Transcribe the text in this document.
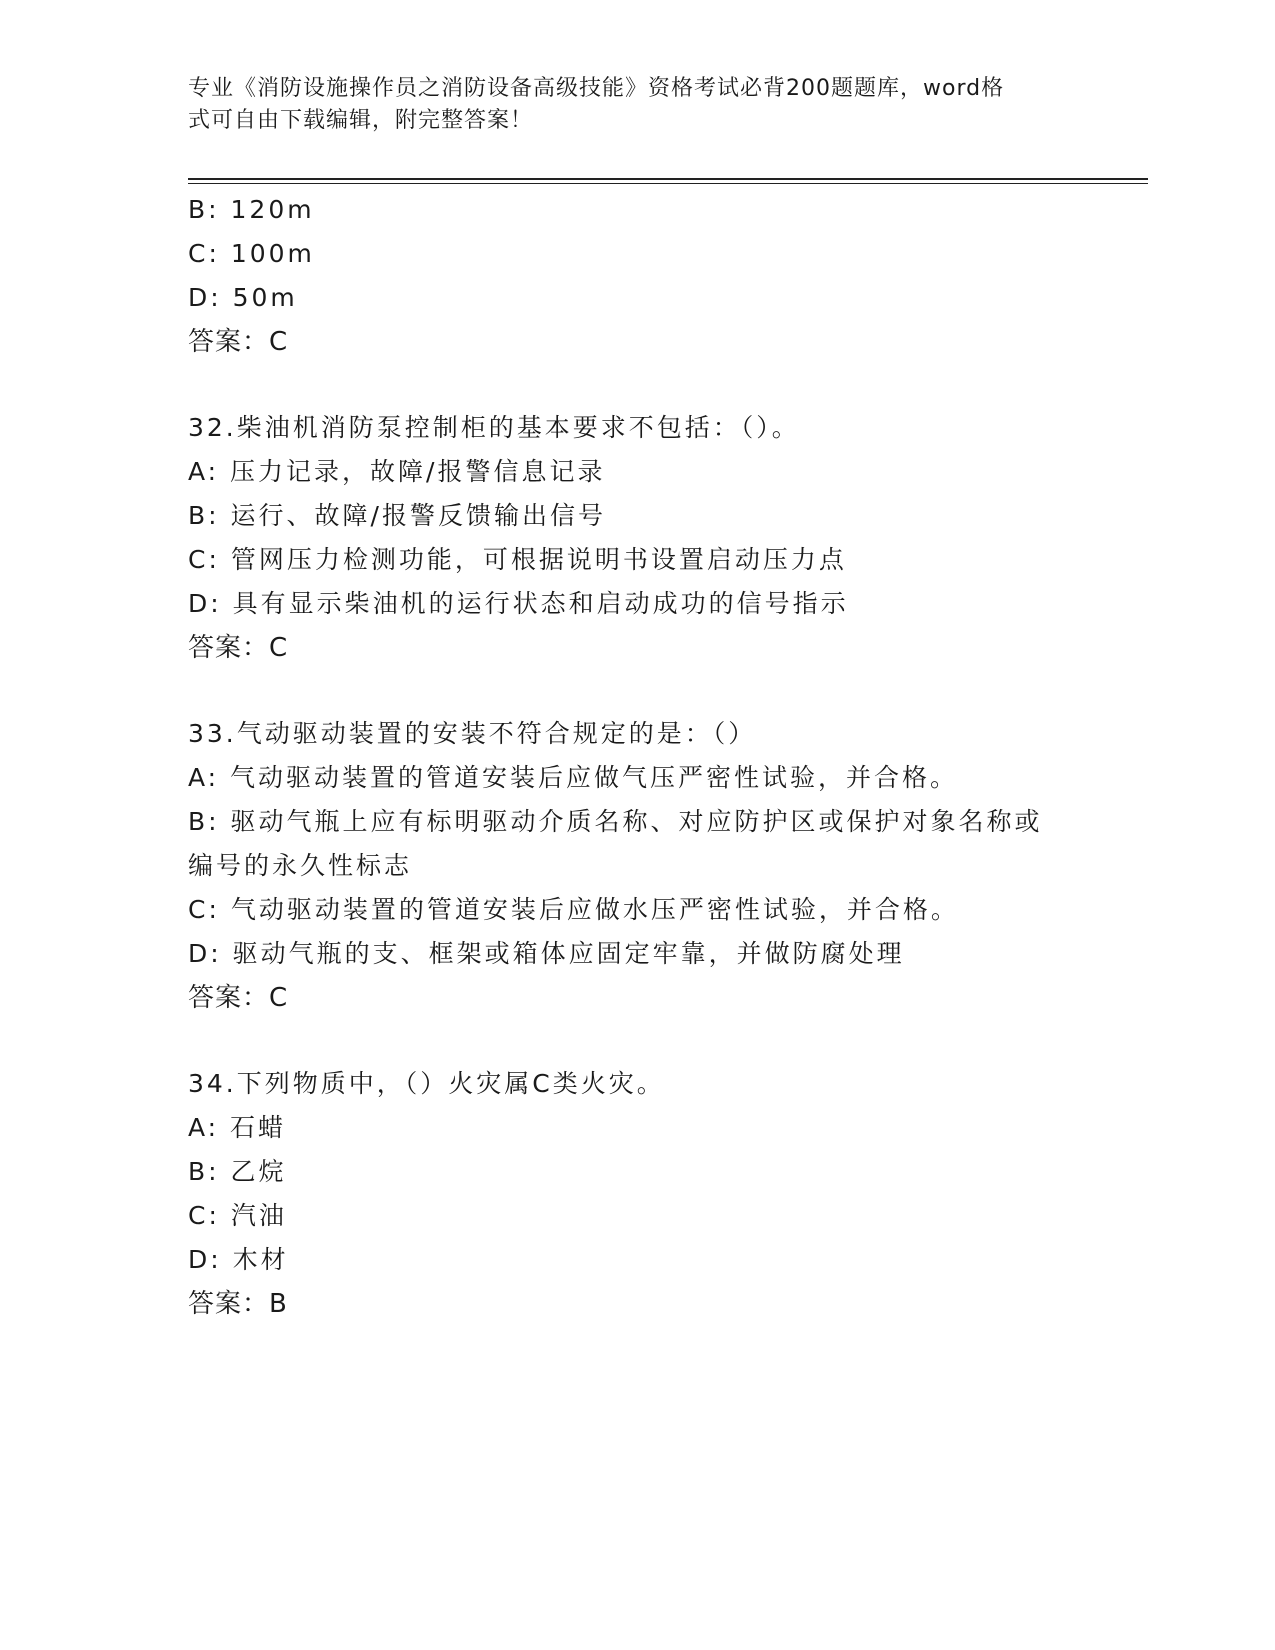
专业《消防设施操作员之消防设备高级技能》资格考试必背200题题库，word格
式可自由下载编辑，附完整答案！
B: 120m
C: 100m
D: 50m
答案：C
32.柴油机消防泵控制柜的基本要求不包括：（）。
A: 压力记录，故障/报警信息记录
B: 运行、故障/报警反馈输出信号
C: 管网压力检测功能，可根据说明书设置启动压力点
D: 具有显示柴油机的运行状态和启动成功的信号指示
答案：C
33.气动驱动装置的安装不符合规定的是：（）
A: 气动驱动装置的管道安装后应做气压严密性试验，并合格。
B: 驱动气瓶上应有标明驱动介质名称、对应防护区或保护对象名称或
编号的永久性标志
C: 气动驱动装置的管道安装后应做水压严密性试验，并合格。
D: 驱动气瓶的支、框架或箱体应固定牢靠，并做防腐处理
答案：C
34.下列物质中，（）火灾属C类火灾。
A: 石蜡
B: 乙烷
C: 汽油
D: 木材
答案：B
